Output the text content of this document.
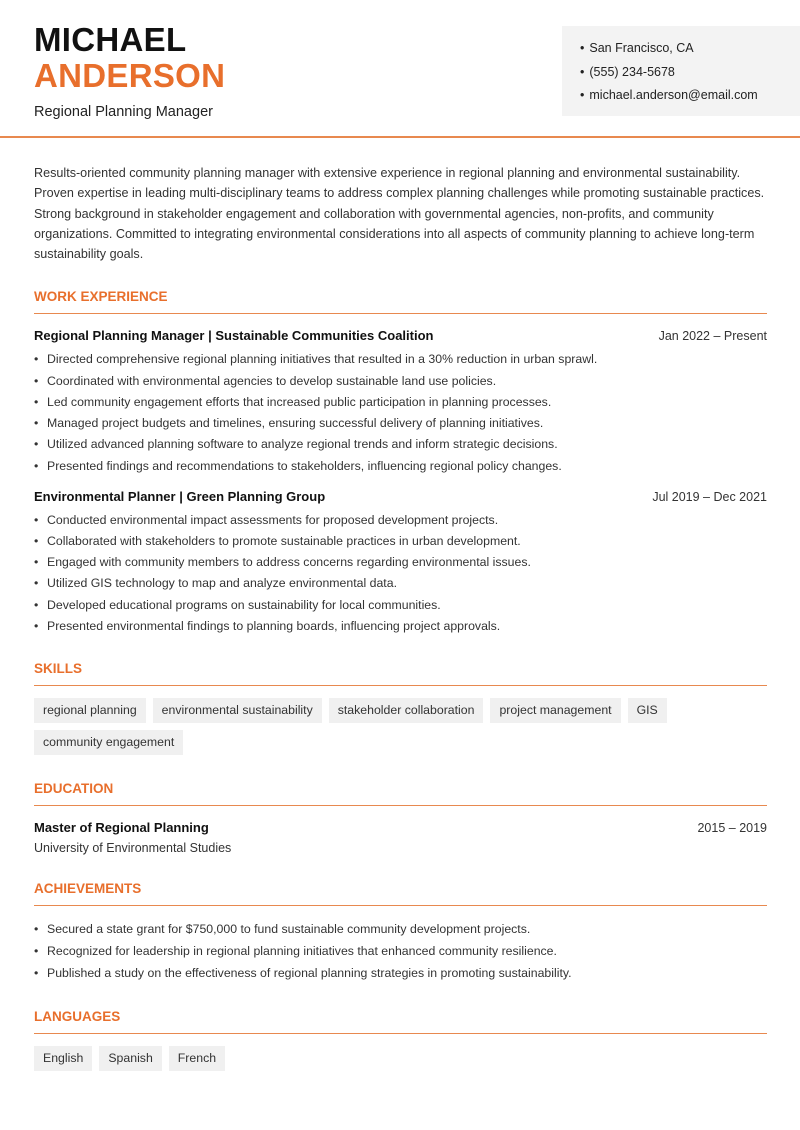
MICHAEL
ANDERSON
Regional Planning Manager
• San Francisco, CA
• (555) 234-5678
• michael.anderson@email.com

Results-oriented community planning manager with extensive experience in regional planning and environmental sustainability. Proven expertise in leading multi-disciplinary teams to address complex planning challenges while promoting sustainable practices. Strong background in stakeholder engagement and collaboration with governmental agencies, non-profits, and community organizations. Committed to integrating environmental considerations into all aspects of community planning to achieve long-term sustainability goals.

WORK EXPERIENCE
Regional Planning Manager | Sustainable Communities Coalition	Jan 2022 – Present
• Directed comprehensive regional planning initiatives that resulted in a 30% reduction in urban sprawl.
• Coordinated with environmental agencies to develop sustainable land use policies.
• Led community engagement efforts that increased public participation in planning processes.
• Managed project budgets and timelines, ensuring successful delivery of planning initiatives.
• Utilized advanced planning software to analyze regional trends and inform strategic decisions.
• Presented findings and recommendations to stakeholders, influencing regional policy changes.
Environmental Planner | Green Planning Group	Jul 2019 – Dec 2021
• Conducted environmental impact assessments for proposed development projects.
• Collaborated with stakeholders to promote sustainable practices in urban development.
• Engaged with community members to address concerns regarding environmental issues.
• Utilized GIS technology to map and analyze environmental data.
• Developed educational programs on sustainability for local communities.
• Presented environmental findings to planning boards, influencing project approvals.
SKILLS
regional planning	environmental sustainability	stakeholder collaboration	project management	GIS
community engagement
EDUCATION
Master of Regional Planning	2015 – 2019
University of Environmental Studies
ACHIEVEMENTS
• Secured a state grant for $750,000 to fund sustainable community development projects.
• Recognized for leadership in regional planning initiatives that enhanced community resilience.
• Published a study on the effectiveness of regional planning strategies in promoting sustainability.
LANGUAGES
English	Spanish	French
